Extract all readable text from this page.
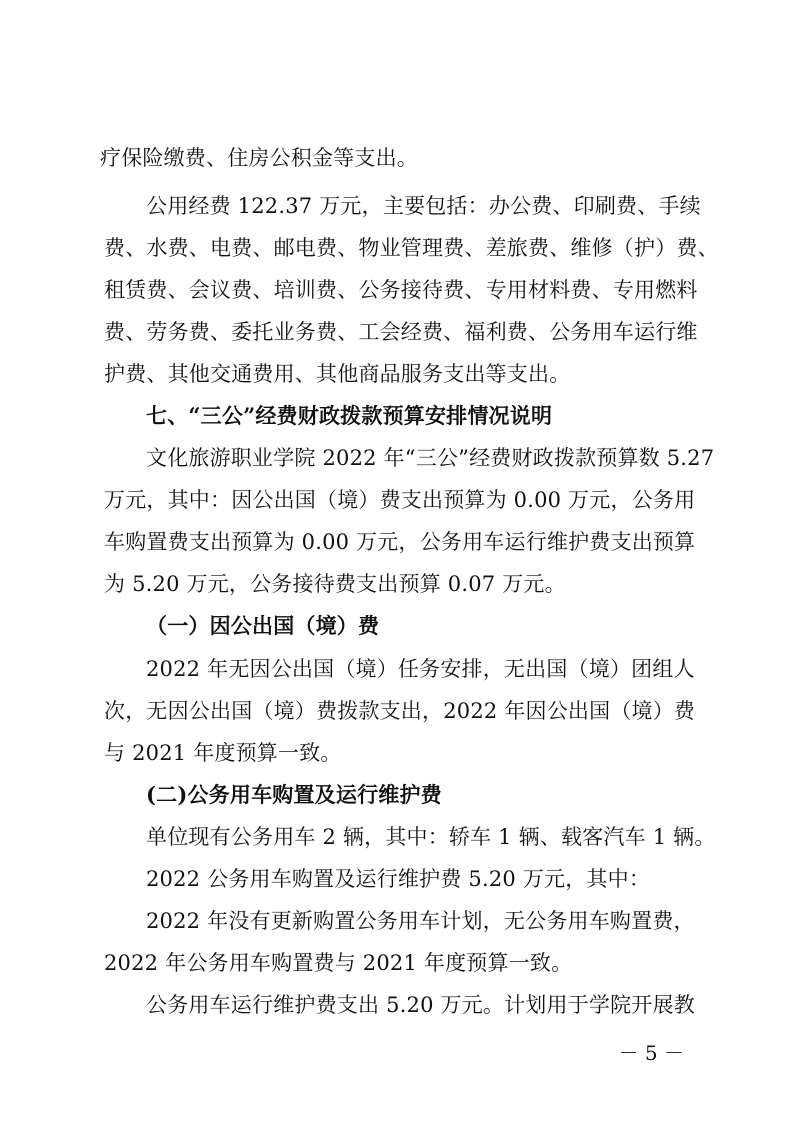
疗保险缴费、住房公积金等支出。
公用经费 122.37 万元，主要包括：办公费、印刷费、手续
费、水费、电费、邮电费、物业管理费、差旅费、维修（护）费、
租赁费、会议费、培训费、公务接待费、专用材料费、专用燃料
费、劳务费、委托业务费、工会经费、福利费、公务用车运行维
护费、其他交通费用、其他商品服务支出等支出。
七、“三公”经费财政拨款预算安排情况说明
文化旅游职业学院 2022 年“三公”经费财政拨款预算数 5.27
万元，其中：因公出国（境）费支出预算为 0.00 万元，公务用
车购置费支出预算为 0.00 万元，公务用车运行维护费支出预算
为 5.20 万元，公务接待费支出预算 0.07 万元。
（一）因公出国（境）费
2022 年无因公出国（境）任务安排，无出国（境）团组人
次，无因公出国（境）费拨款支出，2022 年因公出国（境）费
与 2021 年度预算一致。
(二)公务用车购置及运行维护费
单位现有公务用车 2 辆，其中：轿车 1 辆、载客汽车 1 辆。
2022 公务用车购置及运行维护费 5.20 万元，其中：
2022 年没有更新购置公务用车计划，无公务用车购置费，
2022 年公务用车购置费与 2021 年度预算一致。
公务用车运行维护费支出 5.20 万元。计划用于学院开展教
－ 5 －
